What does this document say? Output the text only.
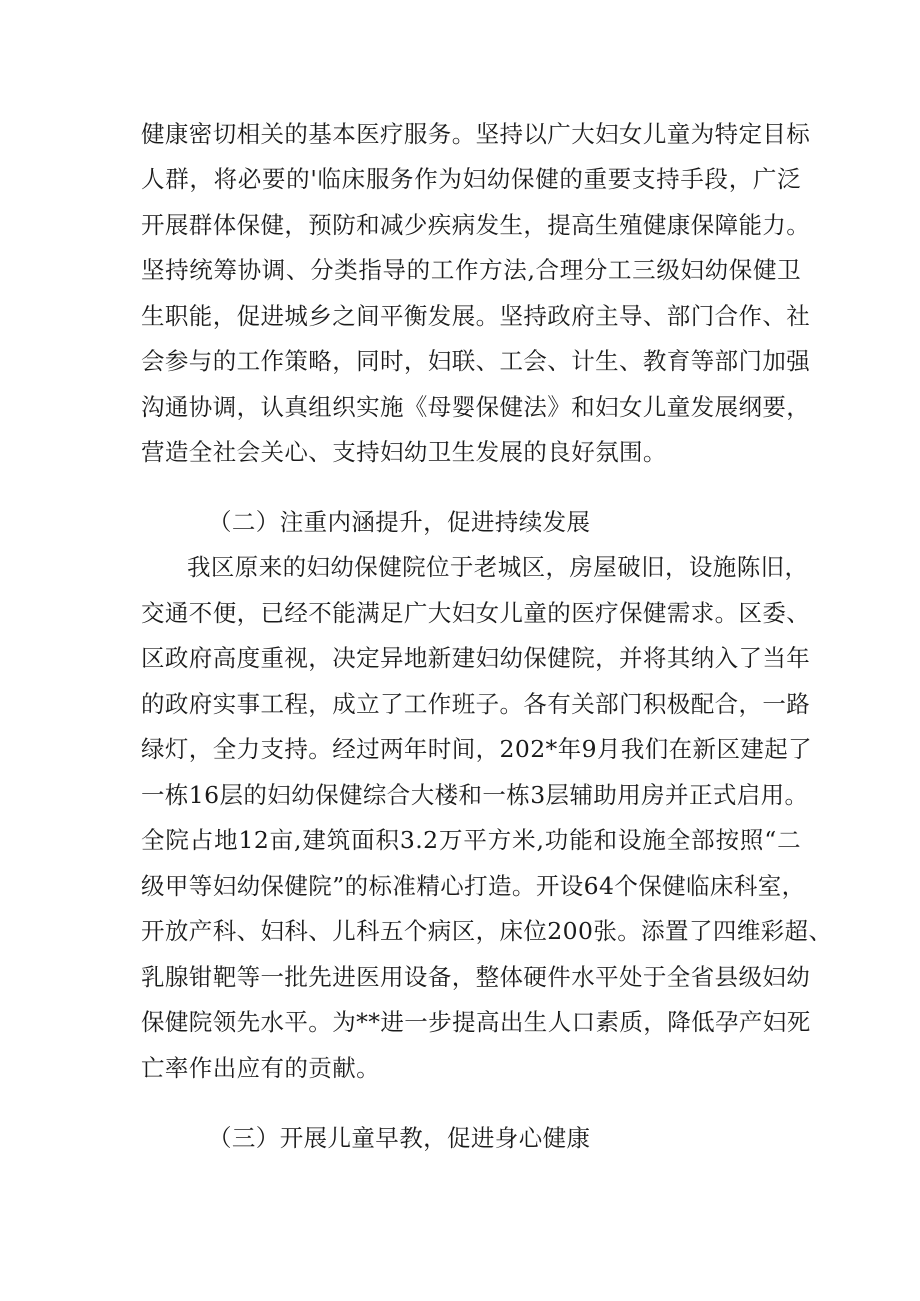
健康密切相关的基本医疗服务。坚持以广大妇女儿童为特定目标
人群，将必要的'临床服务作为妇幼保健的重要支持手段，广泛
开展群体保健，预防和减少疾病发生，提高生殖健康保障能力。
坚持统筹协调、分类指导的工作方法,合理分工三级妇幼保健卫
生职能，促进城乡之间平衡发展。坚持政府主导、部门合作、社
会参与的工作策略，同时，妇联、工会、计生、教育等部门加强
沟通协调，认真组织实施《母婴保健法》和妇女儿童发展纲要，
营造全社会关心、支持妇幼卫生发展的良好氛围。
（二）注重内涵提升，促进持续发展
我区原来的妇幼保健院位于老城区，房屋破旧，设施陈旧，
交通不便，已经不能满足广大妇女儿童的医疗保健需求。区委、
区政府高度重视，决定异地新建妇幼保健院，并将其纳入了当年
的政府实事工程，成立了工作班子。各有关部门积极配合，一路
绿灯，全力支持。经过两年时间，202*年9月我们在新区建起了
一栋16层的妇幼保健综合大楼和一栋3层辅助用房并正式启用。
全院占地12亩,建筑面积3.2万平方米,功能和设施全部按照“二
级甲等妇幼保健院”的标准精心打造。开设64个保健临床科室，
开放产科、妇科、儿科五个病区，床位200张。添置了四维彩超、
乳腺钳靶等一批先进医用设备，整体硬件水平处于全省县级妇幼
保健院领先水平。为**进一步提高出生人口素质，降低孕产妇死
亡率作出应有的贡献。
（三）开展儿童早教，促进身心健康
